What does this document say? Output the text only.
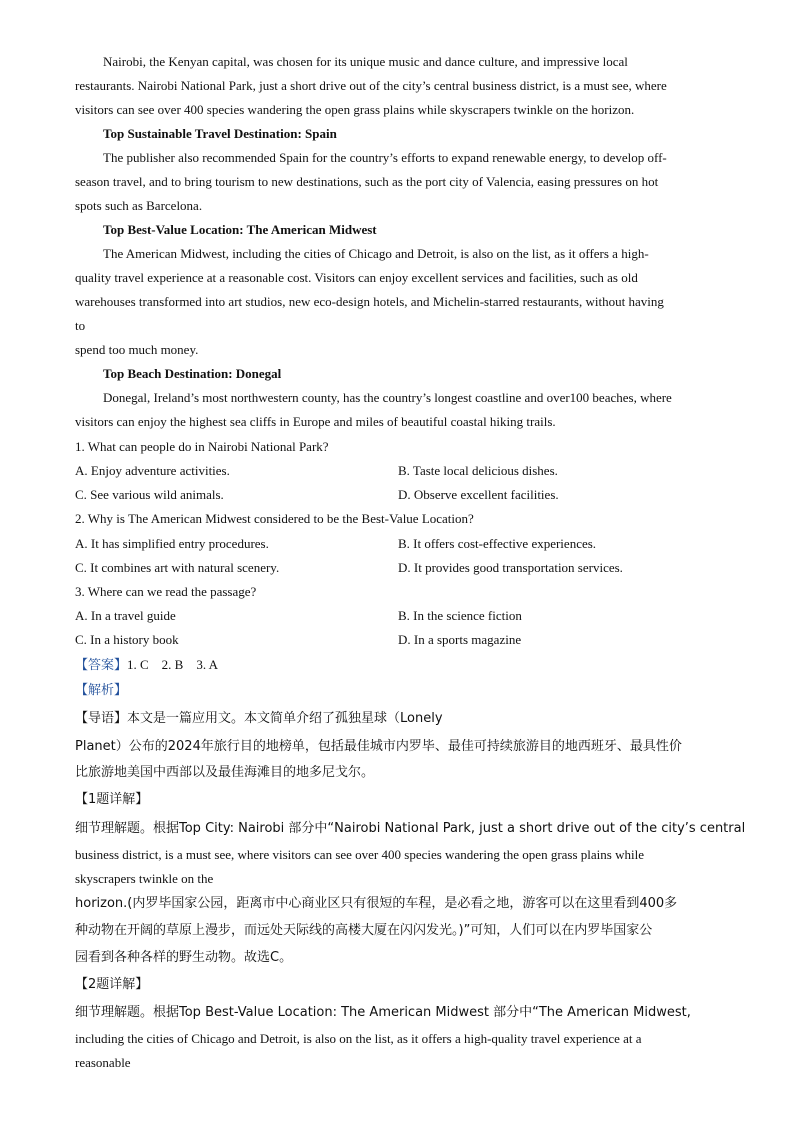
Nairobi, the Kenyan capital, was chosen for its unique music and dance culture, and impressive local
restaurants. Nairobi National Park, just a short drive out of the city’s central business district, is a must see, where
visitors can see over 400 species wandering the open grass plains while skyscrapers twinkle on the horizon.
Top Sustainable Travel Destination: Spain
The publisher also recommended Spain for the country’s efforts to expand renewable energy, to develop off-
season travel, and to bring tourism to new destinations, such as the port city of Valencia, easing pressures on hot
spots such as Barcelona.
Top Best-Value Location: The American Midwest
The American Midwest, including the cities of Chicago and Detroit, is also on the list, as it offers a high-
quality travel experience at a reasonable cost. Visitors can enjoy excellent services and facilities, such as old
warehouses transformed into art studios, new eco-design hotels, and Michelin-starred restaurants, without having
to
spend too much money.
Top Beach Destination: Donegal
Donegal, Ireland’s most northwestern county, has the country’s longest coastline and over100 beaches, where
visitors can enjoy the highest sea cliffs in Europe and miles of beautiful coastal hiking trails.
1. What can people do in Nairobi National Park?
A. Enjoy adventure activities.	B. Taste local delicious dishes.
C. See various wild animals.	D. Observe excellent facilities.
2. Why is The American Midwest considered to be the Best-Value Location?
A. It has simplified entry procedures.	B. It offers cost-effective experiences.
C. It combines art with natural scenery.	D. It provides good transportation services.
3. Where can we read the passage?
A. In a travel guide	B. In the science fiction
C. In a history book	D. In a sports magazine
【答案】1. C    2. B    3. A
【解析】
【导语】本文是一篇应用文。本文简单介绍了孤独星球（Lonely
Planet）公布的2024年旅行目的地榜单，包括最佳城市内罗毕、最佳可持续旅游目的地西班牙、最具性价
比旅游地美国中西部以及最佳海滩目的地多尼戈尔。
【1题详解】
细节理解题。根据Top City: Nairobi 部分中“Nairobi National Park, just a short drive out of the city’s central
business district, is a must see, where visitors can see over 400 species wandering the open grass plains while
skyscrapers twinkle on the
horizon.(内罗毕国家公园，距离市中心商业区只有很短的车程，是必看之地，游客可以在这里看到400多
种动物在开阔的草原上漫步，而远处天际线的高楼大厦在闪闪发光。)”可知，人们可以在内罗毕国家公
园看到各种各样的野生动物。故选C。
【2题详解】
细节理解题。根据Top Best-Value Location: The American Midwest 部分中“The American Midwest,
including the cities of Chicago and Detroit, is also on the list, as it offers a high-quality travel experience at a
reasonable
